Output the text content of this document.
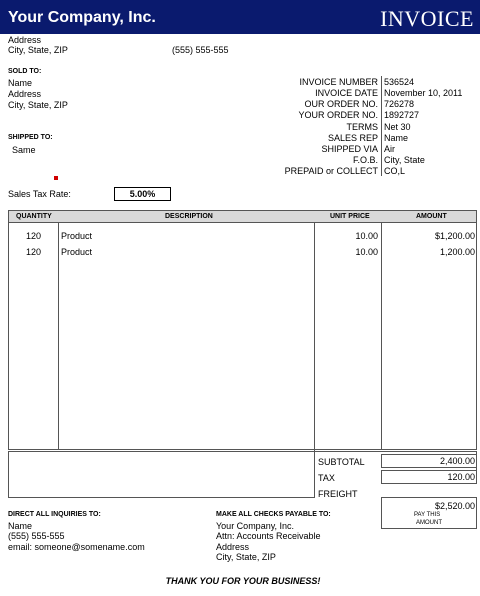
Your Company, Inc.	INVOICE
Address
City, State, ZIP	(555) 555-555
SOLD TO:
Name
Address
City, State, ZIP
SHIPPED TO:
Same
INVOICE NUMBER 536524
INVOICE DATE November 10, 2011
OUR ORDER NO. 726278
YOUR ORDER NO. 1892727
TERMS Net 30
SALES REP Name
SHIPPED VIA Air
F.O.B. City, State
PREPAID or COLLECT CO,L
Sales Tax Rate:	5.00%
QUANTITY	DESCRIPTION	UNIT PRICE	AMOUNT
120 Product	10.00	$1,200.00
120 Product	10.00	1,200.00
SUBTOTAL	2,400.00
TAX	120.00
FREIGHT
$2,520.00
PAY THIS
AMOUNT
DIRECT ALL INQUIRIES TO:
Name
(555) 555-555
email: someone@somename.com
MAKE ALL CHECKS PAYABLE TO:
Your Company, Inc.
Attn: Accounts Receivable
Address
City, State, ZIP
THANK YOU FOR YOUR BUSINESS!
